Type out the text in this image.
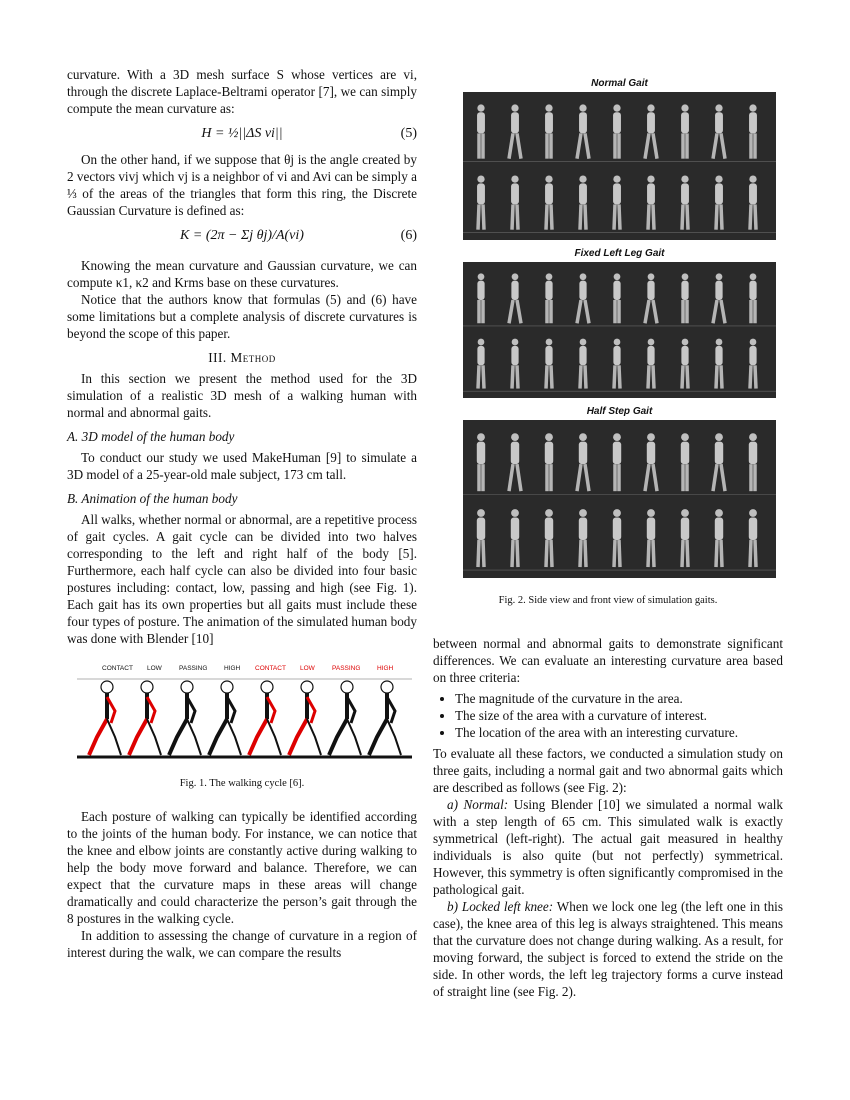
curvature. With a 3D mesh surface S whose vertices are vi, through the discrete Laplace-Beltrami operator [7], we can simply compute the mean curvature as:

H = ½||ΔS vi||	(5)

On the other hand, if we suppose that θj is the angle created by 2 vectors vivj which vj is a neighbor of vi and Avi can be simply a ⅓ of the areas of the triangles that form this ring, the Discrete Gaussian Curvature is defined as:

K = (2π − Σj θj)/A(vi)	(6)

Knowing the mean curvature and Gaussian curvature, we can compute κ1, κ2 and Krms base on these curvatures.

Notice that the authors know that formulas (5) and (6) have some limitations but a complete analysis of discrete curvatures is beyond the scope of this paper.

III. Method

In this section we present the method used for the 3D simulation of a realistic 3D mesh of a walking human with normal and abnormal gaits.

A. 3D model of the human body

To conduct our study we used MakeHuman [9] to simulate a 3D model of a 25-year-old male subject, 173 cm tall.

B. Animation of the human body

All walks, whether normal or abnormal, are a repetitive process of gait cycles. A gait cycle can be divided into two halves corresponding to the left and right half of the body [5]. Furthermore, each half cycle can also be divided into four basic postures including: contact, low, passing and high (see Fig. 1). Each gait has its own properties but all gaits must include these four types of posture. The animation of the simulated human body was done with Blender [10]

CONTACT LOW	PASSING	HIGH CONTACT LOW	PASSING	HIGH
Fig. 1. The walking cycle [6].

Each posture of walking can typically be identified according to the joints of the human body. For instance, we can notice that the knee and elbow joints are constantly active during walking to help the body move forward and balance. Therefore, we can expect that the curvature maps in these areas will change dramatically and could characterize the person’s gait through the 8 postures in the walking cycle.

In addition to assessing the change of curvature in a region of interest during the walk, we can compare the results

Normal Gait
Fixed Left Leg Gait
Half Step Gait
Fig. 2. Side view and front view of simulation gaits.

between normal and abnormal gaits to demonstrate significant differences. We can evaluate an interesting curvature area based on three criteria:

• The magnitude of the curvature in the area.
• The size of the area with a curvature of interest.
• The location of the area with an interesting curvature.

To evaluate all these factors, we conducted a simulation study on three gaits, including a normal gait and two abnormal gaits which are described as follows (see Fig. 2):

a) Normal: Using Blender [10] we simulated a normal walk with a step length of 65 cm. This simulated walk is exactly symmetrical (left-right). The actual gait measured in healthy individuals is also quite (but not perfectly) symmetrical. However, this symmetry is often significantly compromised in the pathological gait.

b) Locked left knee: When we lock one leg (the left one in this case), the knee area of this leg is always straightened. This means that the curvature does not change during walking. As a result, for moving forward, the subject is forced to extend the stride on the side. In other words, the left leg trajectory forms a curve instead of straight line (see Fig. 2).
